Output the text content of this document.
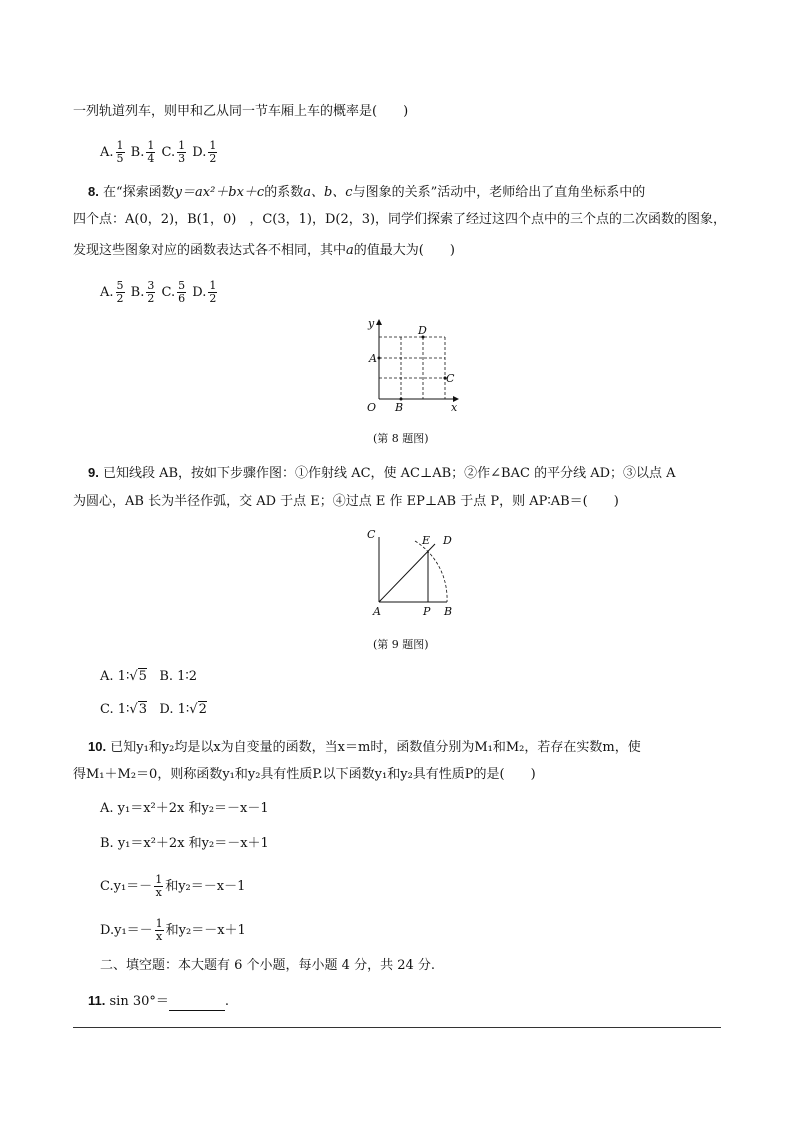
一列轨道列车，则甲和乙从同一节车厢上车的概率是(　　)
A. $\frac{1}{5} B$. $\frac{1}{4} C$. $\frac{1}{3} D$. $\frac{1}{2}$
8. 在“探索函数y＝ax²＋bx＋c的系数a、b、c与图象的关系”活动中，老师给出了直角坐标系中的
四个点：A(0，2)，B(1，0)　，C(3，1)，D(2，3)，同学们探索了经过这四个点中的三个点的二次函数的图象，
发现这些图象对应的函数表达式各不相同，其中a的值最大为(　　)
A. $\frac{5}{2} B$. $\frac{3}{2} C$. $\frac{5}{6} D$. $\frac{1}{2}$
y
x
O
A
B
C
D
(第 8 题图)
9. 已知线段 AB，按如下步骤作图：①作射线 AC，使 AC⊥AB；②作∠BAC 的平分线 AD；③以点 A
为圆心，AB 长为半径作弧，交 AD 于点 E；④过点 E 作 EP⊥AB 于点 P，则 AP∶AB＝(　　)
C	E D
A	P B
(第 9 题图)
A. 1∶√5 B. 1∶2
C. 1∶√3 D. 1∶√2
10. 已知y₁和y₂均是以x为自变量的函数，当x＝m时，函数值分别为M₁和M₂，若存在实数m，使
得M₁＋M₂＝0，则称函数y₁和y₂具有性质P.以下函数y₁和y₂具有性质P的是(　　)
A. y₁＝x²＋2x 和y₂＝－x－1
B. y₁＝x²＋2x 和y₂＝－x＋1
$C.y_1=- \frac{1}{x}$ 和y₂＝－x－1
$D.y_1=- \frac{1}{x}$ 和y₂＝－x＋1
二、填空题：本大题有 6 个小题，每小题 4 分，共 24 分.
11. sin 30°＝	.
